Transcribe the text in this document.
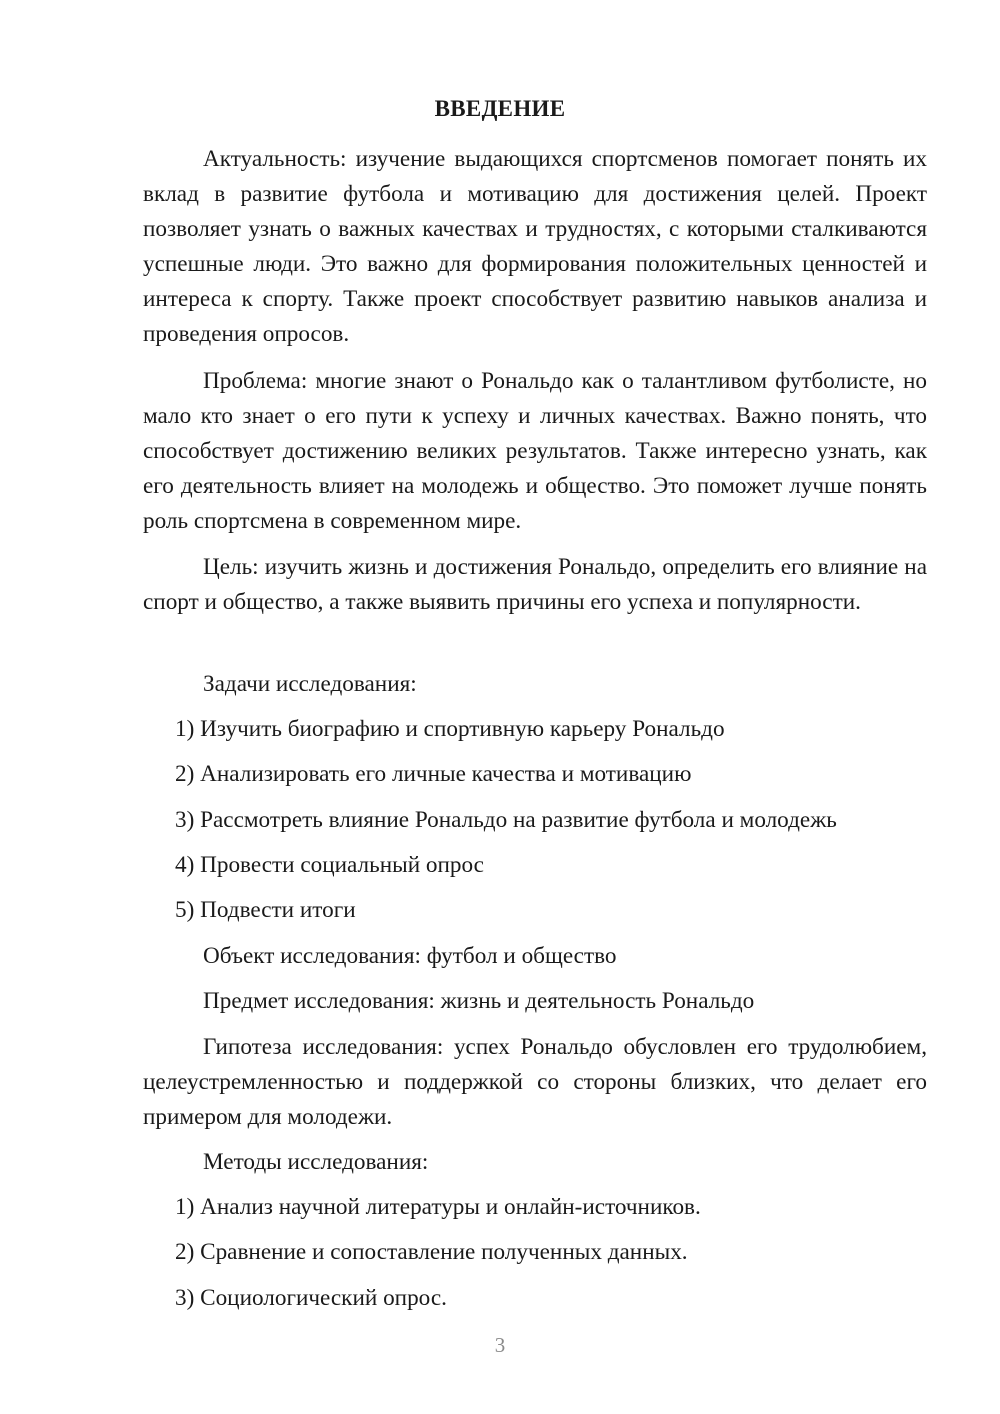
ВВЕДЕНИЕ

Актуальность: изучение выдающихся спортсменов помогает понять их вклад в развитие футбола и мотивацию для достижения целей. Проект позволяет узнать о важных качествах и трудностях, с которыми сталкиваются успешные люди. Это важно для формирования положительных ценностей и интереса к спорту. Также проект способствует развитию навыков анализа и проведения опросов.

Проблема: многие знают о Рональдо как о талантливом футболисте, но мало кто знает о его пути к успеху и личных качествах. Важно понять, что способствует достижению великих результатов. Также интересно узнать, как его деятельность влияет на молодежь и общество. Это поможет лучше понять роль спортсмена в современном мире.

Цель: изучить жизнь и достижения Рональдо, определить его влияние на спорт и общество, а также выявить причины его успеха и популярности.

Задачи исследования:

1) Изучить биографию и спортивную карьеру Рональдо

2) Анализировать его личные качества и мотивацию

3) Рассмотреть влияние Рональдо на развитие футбола и молодежь

4) Провести социальный опрос

5) Подвести итоги

Объект исследования: футбол и общество

Предмет исследования: жизнь и деятельность Рональдо

Гипотеза исследования: успех Рональдо обусловлен его трудолюбием, целеустремленностью и поддержкой со стороны близких, что делает его примером для молодежи.

Методы исследования:

1) Анализ научной литературы и онлайн-источников.

2) Сравнение и сопоставление полученных данных.

3) Социологический опрос.

3
